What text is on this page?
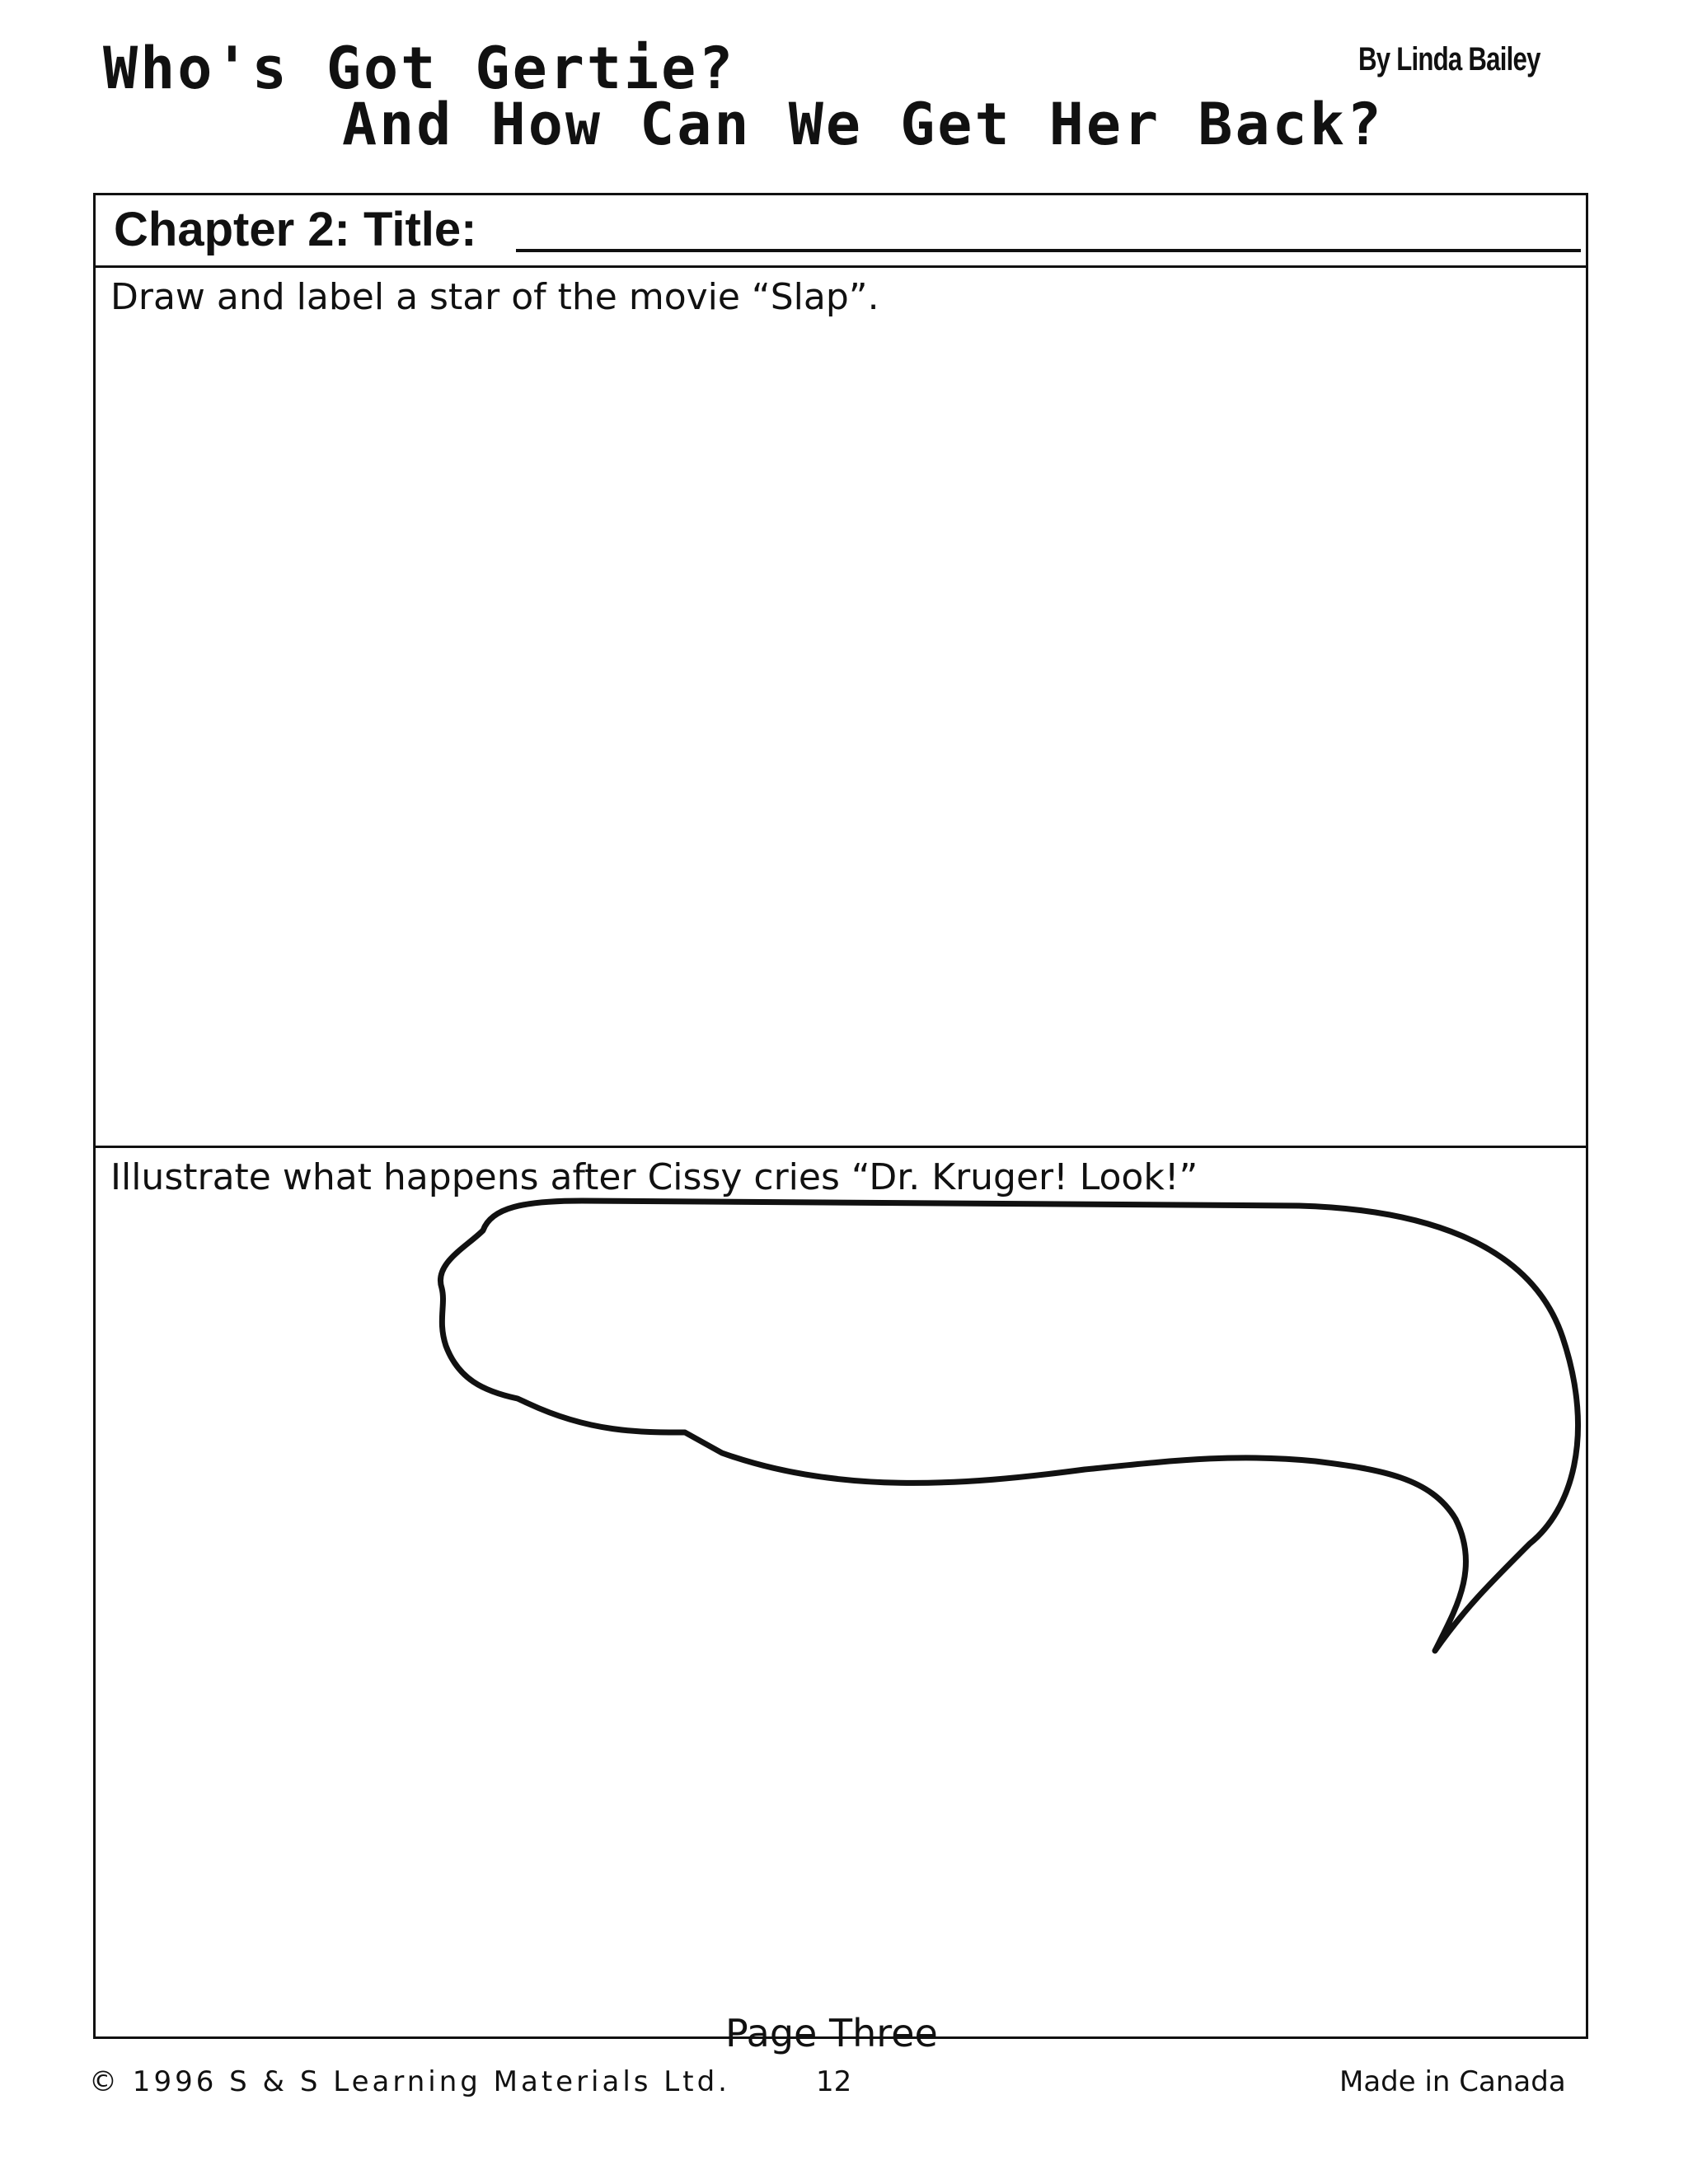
Who's Got Gertie?
And How Can We Get Her Back?
By Linda Bailey
Chapter 2: Title:
Draw and label a star of the movie “Slap”.
Illustrate what happens after Cissy cries “Dr. Kruger! Look!”
Page Three
© 1996 S & S Learning Materials Ltd.	12	Made in Canada
